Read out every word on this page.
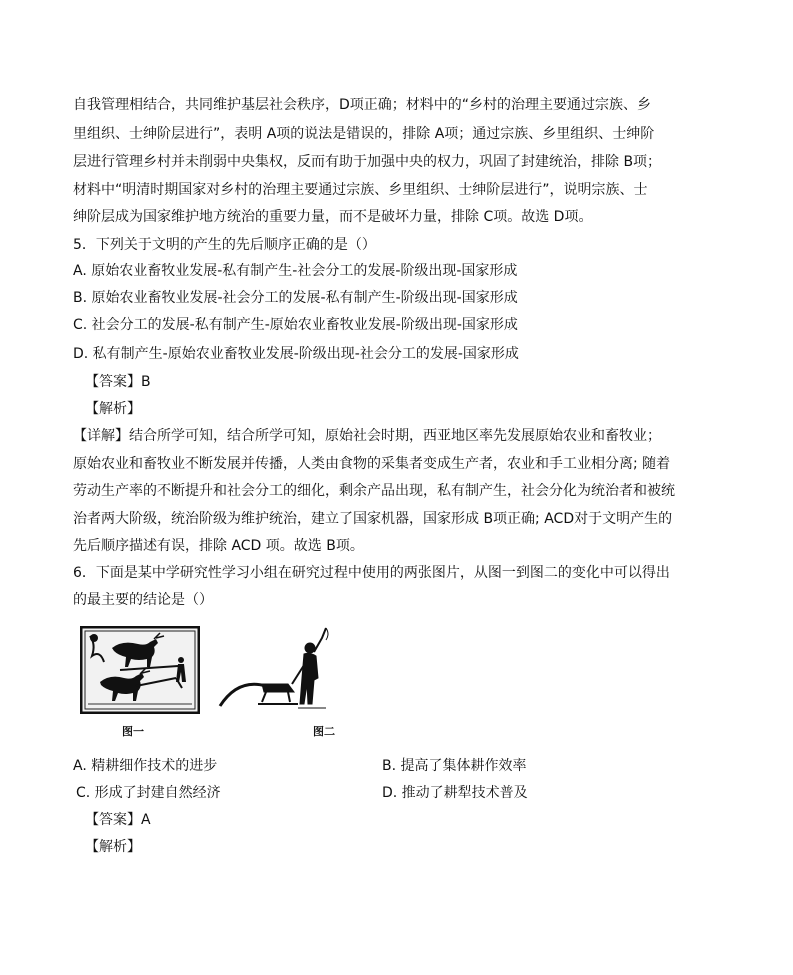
自我管理相结合，共同维护基层社会秩序，D项正确；材料中的“乡村的治理主要通过宗族、乡
里组织、士绅阶层进行”，表明 A项的说法是错误的，排除 A项；通过宗族、乡里组织、士绅阶
层进行管理乡村并未削弱中央集权，反而有助于加强中央的权力，巩固了封建统治，排除 B项；
材料中“明清时期国家对乡村的治理主要通过宗族、乡里组织、士绅阶层进行”，说明宗族、士
绅阶层成为国家维护地方统治的重要力量，而不是破坏力量，排除 C项。故选 D项。
5．下列关于文明的产生的先后顺序正确的是（）
A. 原始农业畜牧业发展-私有制产生-社会分工的发展-阶级出现-国家形成
B. 原始农业畜牧业发展-社会分工的发展-私有制产生-阶级出现-国家形成
C. 社会分工的发展-私有制产生-原始农业畜牧业发展-阶级出现-国家形成
D. 私有制产生-原始农业畜牧业发展-阶级出现-社会分工的发展-国家形成
【答案】B
【解析】
【详解】结合所学可知，结合所学可知，原始社会时期，西亚地区率先发展原始农业和畜牧业；
原始农业和畜牧业不断发展并传播，人类由食物的采集者变成生产者，农业和手工业相分离; 随着
劳动生产率的不断提升和社会分工的细化，剩余产品出现，私有制产生，社会分化为统治者和被统
治者两大阶级，统治阶级为维护统治，建立了国家机器，国家形成 B项正确; ACD对于文明产生的
先后顺序描述有误，排除 ACD 项。故选 B项。
6．下面是某中学研究性学习小组在研究过程中使用的两张图片，从图一到图二的变化中可以得出
的最主要的结论是（）
图一	图二
A. 精耕细作技术的进步	B. 提高了集体耕作效率
C. 形成了封建自然经济	D. 推动了耕犁技术普及
【答案】A
【解析】
